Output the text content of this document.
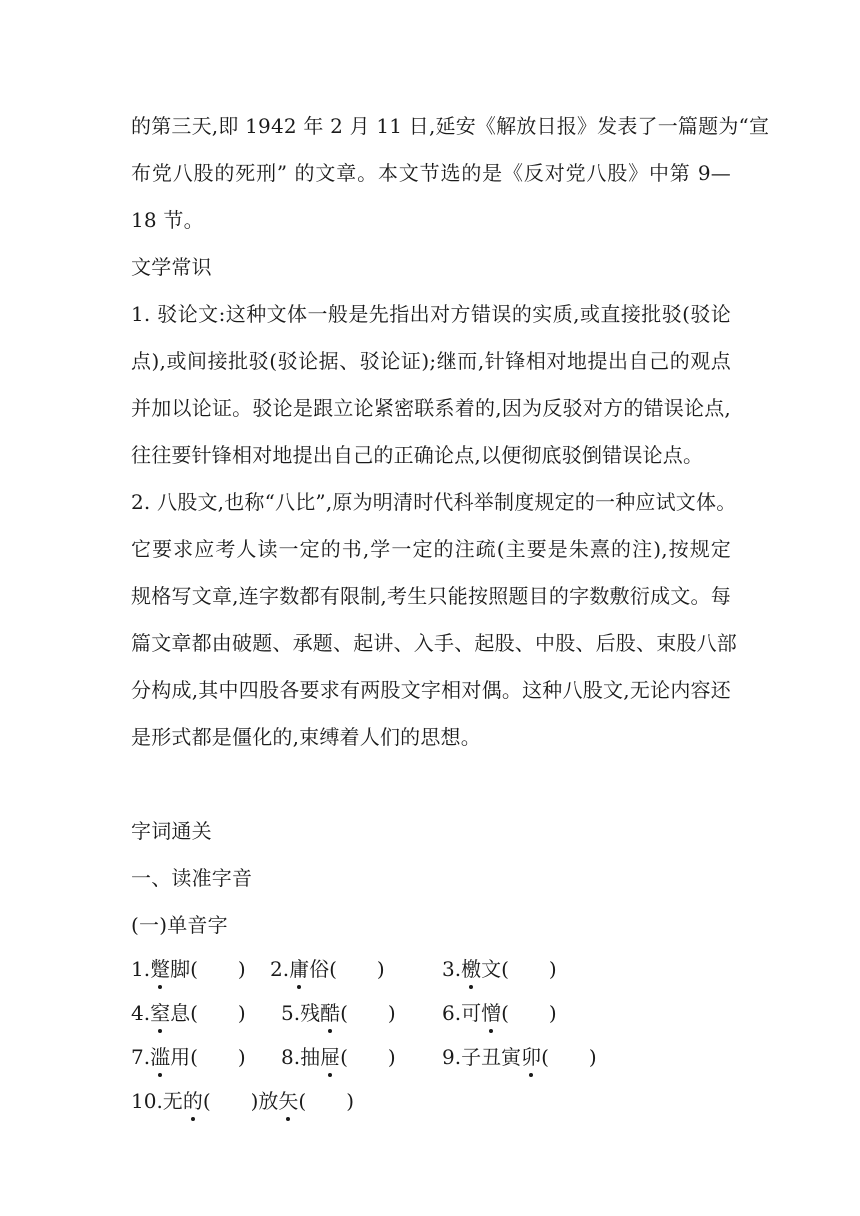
的第三天,即 1942 年 2 月 11 日,延安《解放日报》发表了一篇题为“宣
布党八股的死刑” 的文章。本文节选的是《反对党八股》中第 9—
18 节。
文学常识
1. 驳论文:这种文体一般是先指出对方错误的实质,或直接批驳(驳论
点),或间接批驳(驳论据、驳论证);继而,针锋相对地提出自己的观点
并加以论证。驳论是跟立论紧密联系着的,因为反驳对方的错误论点,
往往要针锋相对地提出自己的正确论点,以便彻底驳倒错误论点。
2. 八股文,也称“八比”,原为明清时代科举制度规定的一种应试文体。
它要求应考人读一定的书,学一定的注疏(主要是朱熹的注),按规定
规格写文章,连字数都有限制,考生只能按照题目的字数敷衍成文。每
篇文章都由破题、承题、起讲、入手、起股、中股、后股、束股八部
分构成,其中四股各要求有两股文字相对偶。这种八股文,无论内容还
是形式都是僵化的,束缚着人们的思想。
字词通关
一、读准字音
(一)单音字
1.蹩脚(　　) 2.庸俗(　　)	3.檄文(　　)
4.窒息(　　) 5.残酷(　　) 6.可憎(　　)
7.滥用(　　) 8.抽屉(　　) 9.子丑寅卯(　　)
10.无的(　　)放矢(　　)
